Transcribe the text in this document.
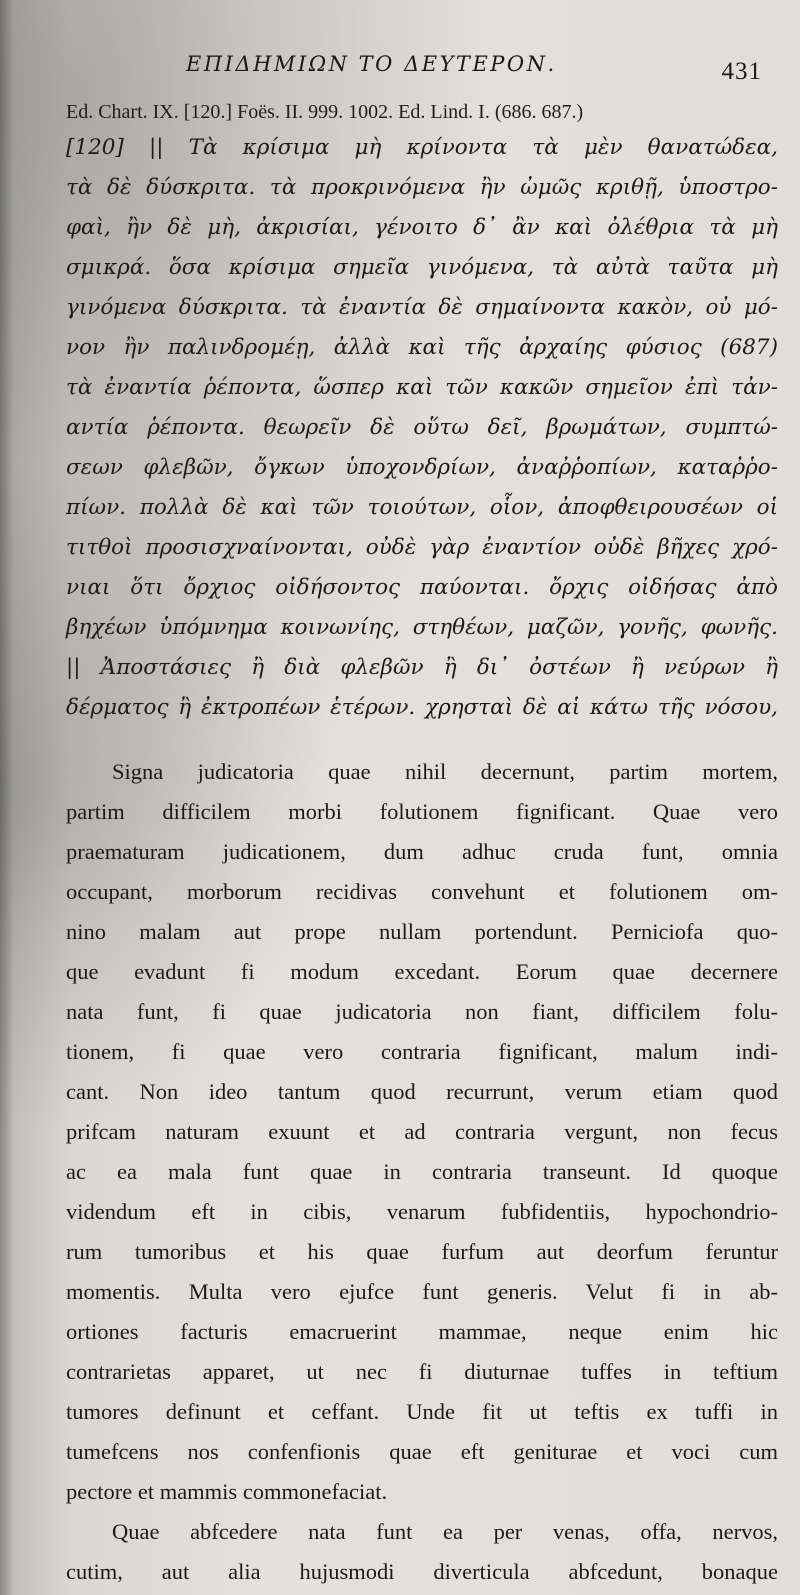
ΕΠΙΔΗΜΙΩΝ ΤΟ ΔΕΥΤΕΡΟΝ.	431
Ed. Chart. IX. [120.] Foës. II. 999. 1002. Ed. Lind. I. (686. 687.)
[120] || Τὰ κρίσιμα μὴ κρίνοντα τὰ μὲν θανατώδεα,
τὰ δὲ δύσκριτα. τὰ προκρινόμενα ἢν ὠμῶς κριθῇ, ὑποστρο-
φαὶ, ἢν δὲ μὴ, ἀκρισίαι, γένοιτο δ᾽ ἂν καὶ ὀλέθρια τὰ μὴ
σμικρά. ὅσα κρίσιμα σημεῖα γινόμενα, τὰ αὐτὰ ταῦτα μὴ
γινόμενα δύσκριτα. τὰ ἐναντία δὲ σημαίνοντα κακὸν, οὐ μό-
νον ἢν παλινδρομέῃ, ἀλλὰ καὶ τῆς ἀρχαίης φύσιος (687)
τὰ ἐναντία ῥέποντα, ὥσπερ καὶ τῶν κακῶν σημεῖον ἐπὶ τἀν-
αντία ῥέποντα. θεωρεῖν δὲ οὕτω δεῖ, βρωμάτων, συμπτώ-
σεων φλεβῶν, ὄγκων ὑποχονδρίων, ἀναῤῥοπίων, καταῤῥο-
πίων. πολλὰ δὲ καὶ τῶν τοιούτων, οἷον, ἀποφθειρουσέων οἱ
τιτθοὶ προσισχναίνονται, οὐδὲ γὰρ ἐναντίον οὐδὲ βῆχες χρό-
νιαι ὅτι ὄρχιος οἰδήσοντος παύονται. ὄρχις οἰδήσας ἀπὸ
βηχέων ὑπόμνημα κοινωνίης, στηθέων, μαζῶν, γονῆς, φωνῆς.
|| Ἀποστάσιες ἢ διὰ φλεβῶν ἢ δι᾽ ὀστέων ἢ νεύρων ἢ
δέρματος ἢ ἐκτροπέων ἑτέρων. χρησταὶ δὲ αἱ κάτω τῆς νόσου,
Signa judicatoria quae nihil decernunt, partim mortem,
partim difficilem morbi folutionem fignificant. Quae vero
praematuram judicationem, dum adhuc cruda funt, omnia
occupant, morborum recidivas convehunt et folutionem om-
nino malam aut prope nullam portendunt. Perniciofa quo-
que evadunt fi modum excedant. Eorum quae decernere
nata funt, fi quae judicatoria non fiant, difficilem folu-
tionem, fi quae vero contraria fignificant, malum indi-
cant. Non ideo tantum quod recurrunt, verum etiam quod
prifcam naturam exuunt et ad contraria vergunt, non fecus
ac ea mala funt quae in contraria transeunt. Id quoque
videndum eft in cibis, venarum fubfidentiis, hypochondrio-
rum tumoribus et his quae furfum aut deorfum feruntur
momentis. Multa vero ejufce funt generis. Velut fi in ab-
ortiones facturis emacruerint mammae, neque enim hic
contrarietas apparet, ut nec fi diuturnae tuffes in teftium
tumores definunt et ceffant. Unde fit ut teftis ex tuffi in
tumefcens nos confenfionis quae eft geniturae et voci cum
pectore et mammis commonefaciat.
Quae abfcedere nata funt ea per venas, offa, nervos,
cutim, aut alia hujusmodi diverticula abfcedunt, bonaque
